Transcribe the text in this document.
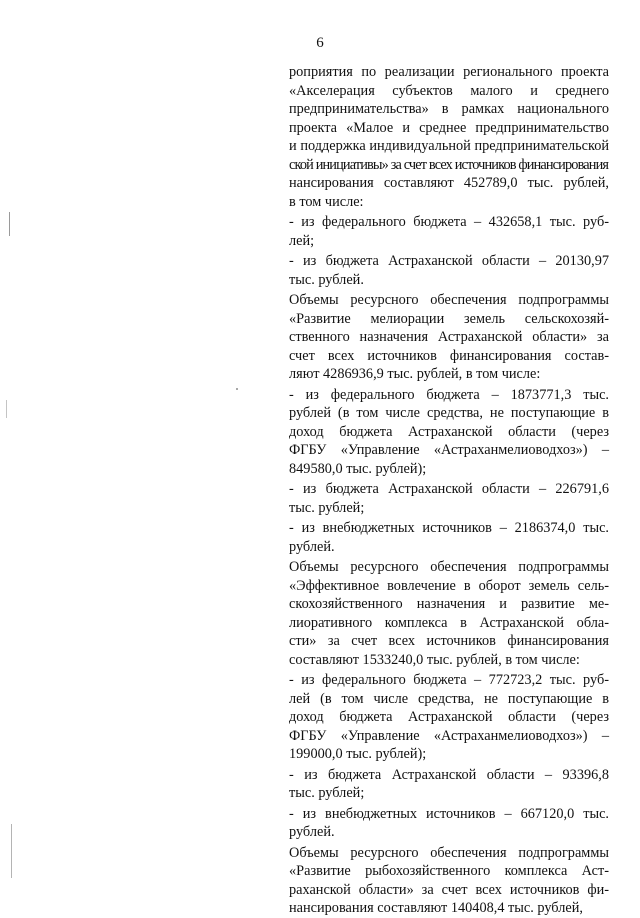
6
роприятия по реализации регионального проекта
«Акселерация субъектов малого и среднего
предпринимательства» в рамках национального
проекта «Малое и среднее предпринимательство
и поддержка индивидуальной предпринимательской
ской инициативы» за счет всех источников финансирования
нансирования составляют 452789,0 тыс. рублей,
в том числе:
- из федерального бюджета – 432658,1 тыс. руб-
лей;
- из бюджета Астраханской области – 20130,97
тыс. рублей.
Объемы ресурсного обеспечения подпрограммы
«Развитие мелиорации земель сельскохозяй-
ственного назначения Астраханской области» за
счет всех источников финансирования состав-
ляют 4286936,9 тыс. рублей, в том числе:
- из федерального бюджета – 1873771,3 тыс.
рублей (в том числе средства, не поступающие в
доход бюджета Астраханской области (через
ФГБУ «Управление «Астраханмелиоводхоз») –
849580,0 тыс. рублей);
- из бюджета Астраханской области – 226791,6
тыс. рублей;
- из внебюджетных источников – 2186374,0 тыс.
рублей.
Объемы ресурсного обеспечения подпрограммы
«Эффективное вовлечение в оборот земель сель-
скохозяйственного назначения и развитие ме-
лиоративного комплекса в Астраханской обла-
сти» за счет всех источников финансирования
составляют 1533240,0 тыс. рублей, в том числе:
- из федерального бюджета – 772723,2 тыс. руб-
лей (в том числе средства, не поступающие в
доход бюджета Астраханской области (через
ФГБУ «Управление «Астраханмелиоводхоз») –
199000,0 тыс. рублей);
- из бюджета Астраханской области – 93396,8
тыс. рублей;
- из внебюджетных источников – 667120,0 тыс.
рублей.
Объемы ресурсного обеспечения подпрограммы
«Развитие рыбохозяйственного комплекса Аст-
раханской области» за счет всех источников фи-
нансирования составляют 140408,4 тыс. рублей,
